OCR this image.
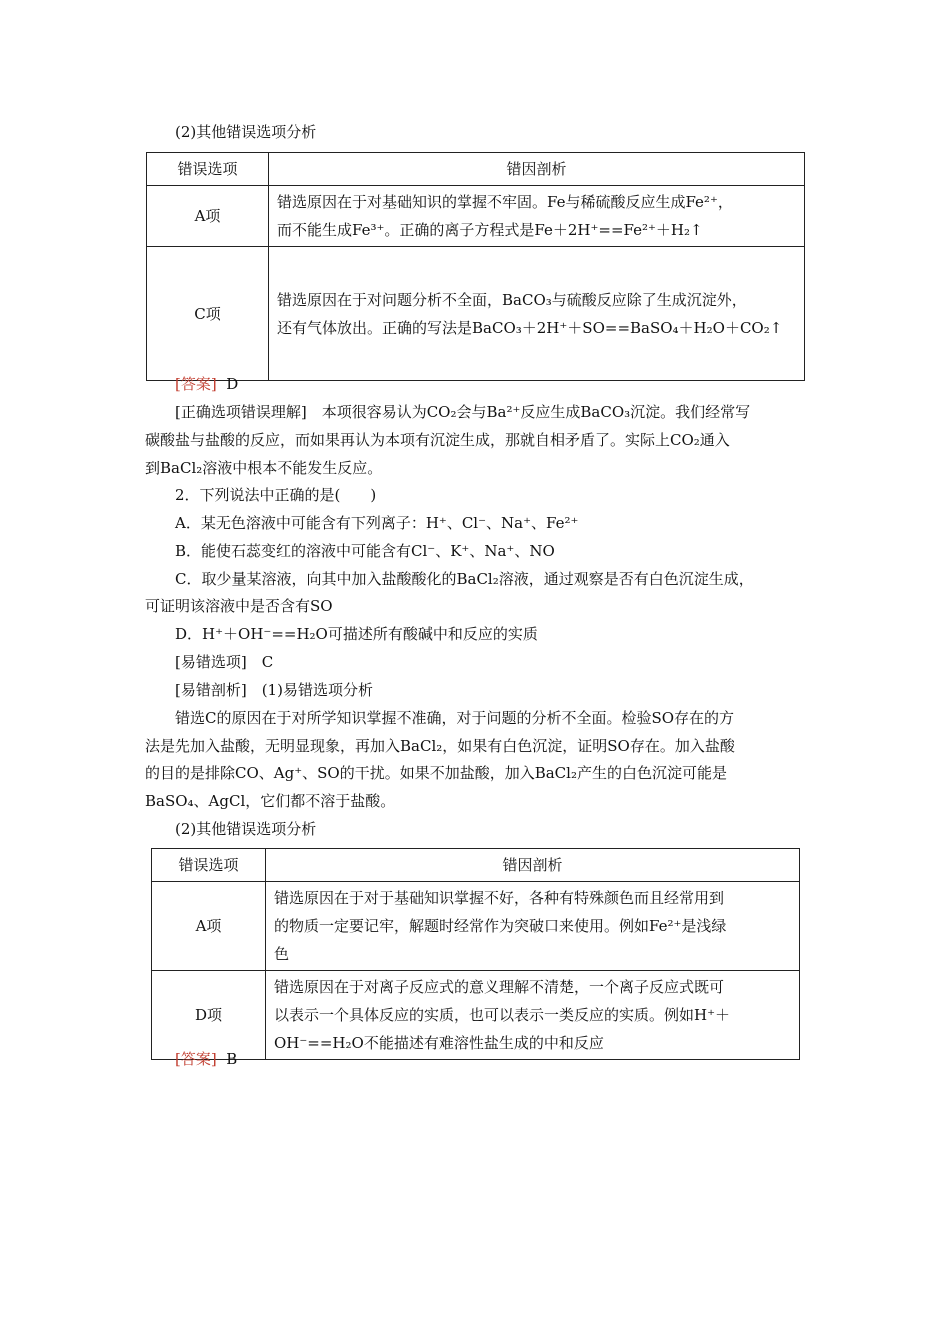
(2)其他错误选项分析
错误选项	错因剖析
A项	错选原因在于对基础知识的掌握不牢固。Fe与稀硫酸反应生成Fe²⁺，
而不能生成Fe³⁺。正确的离子方程式是Fe＋2H⁺==Fe²⁺＋H₂↑

C项	错选原因在于对问题分析不全面，BaCO₃与硫酸反应除了生成沉淀外，
还有气体放出。正确的写法是BaCO₃＋2H⁺＋SO==BaSO₄＋H₂O＋CO₂↑
[答案] D
[正确选项错误理解]　本项很容易认为CO₂会与Ba²⁺反应生成BaCO₃沉淀。我们经常写
碳酸盐与盐酸的反应，而如果再认为本项有沉淀生成，那就自相矛盾了。实际上CO₂通入
到BaCl₂溶液中根本不能发生反应。
2．下列说法中正确的是(　　)
A．某无色溶液中可能含有下列离子：H⁺、Cl⁻、Na⁺、Fe²⁺
B．能使石蕊变红的溶液中可能含有Cl⁻、K⁺、Na⁺、NO
C．取少量某溶液，向其中加入盐酸酸化的BaCl₂溶液，通过观察是否有白色沉淀生成，
可证明该溶液中是否含有SO
D．H⁺＋OH⁻==H₂O可描述所有酸碱中和反应的实质
[易错选项]　C
[易错剖析]　(1)易错选项分析
错选C的原因在于对所学知识掌握不准确，对于问题的分析不全面。检验SO存在的方
法是先加入盐酸，无明显现象，再加入BaCl₂，如果有白色沉淀，证明SO存在。加入盐酸
的目的是排除CO、Ag⁺、SO的干扰。如果不加盐酸，加入BaCl₂产生的白色沉淀可能是
BaSO₄、AgCl，它们都不溶于盐酸。
(2)其他错误选项分析
错误选项	错因剖析
A项	错选原因在于对于基础知识掌握不好，各种有特殊颜色而且经常用到
的物质一定要记牢，解题时经常作为突破口来使用。例如Fe²⁺是浅绿
色

D项	错选原因在于对离子反应式的意义理解不清楚，一个离子反应式既可
以表示一个具体反应的实质，也可以表示一类反应的实质。例如H⁺＋
OH⁻==H₂O不能描述有难溶性盐生成的中和反应
[答案] B
